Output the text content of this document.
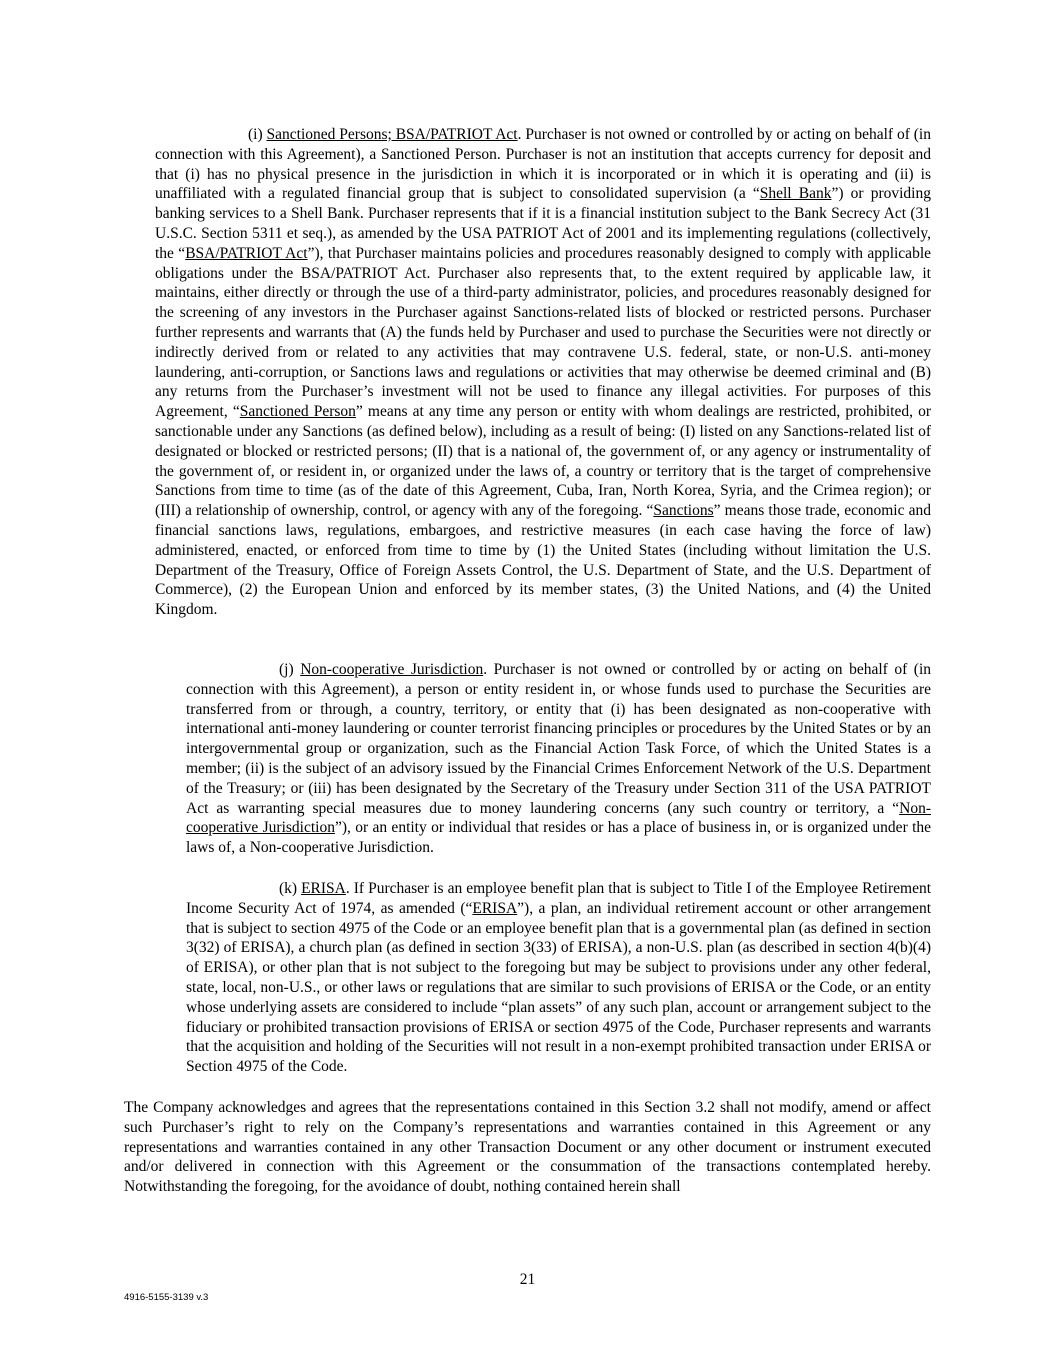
(i) Sanctioned Persons; BSA/PATRIOT Act. Purchaser is not owned or controlled by or acting on behalf of (in connection with this Agreement), a Sanctioned Person. Purchaser is not an institution that accepts currency for deposit and that (i) has no physical presence in the jurisdiction in which it is incorporated or in which it is operating and (ii) is unaffiliated with a regulated financial group that is subject to consolidated supervision (a “Shell Bank”) or providing banking services to a Shell Bank. Purchaser represents that if it is a financial institution subject to the Bank Secrecy Act (31 U.S.C. Section 5311 et seq.), as amended by the USA PATRIOT Act of 2001 and its implementing regulations (collectively, the “BSA/PATRIOT Act”), that Purchaser maintains policies and procedures reasonably designed to comply with applicable obligations under the BSA/PATRIOT Act. Purchaser also represents that, to the extent required by applicable law, it maintains, either directly or through the use of a third-party administrator, policies, and procedures reasonably designed for the screening of any investors in the Purchaser against Sanctions-related lists of blocked or restricted persons. Purchaser further represents and warrants that (A) the funds held by Purchaser and used to purchase the Securities were not directly or indirectly derived from or related to any activities that may contravene U.S. federal, state, or non-U.S. anti-money laundering, anti-corruption, or Sanctions laws and regulations or activities that may otherwise be deemed criminal and (B) any returns from the Purchaser’s investment will not be used to finance any illegal activities. For purposes of this Agreement, “Sanctioned Person” means at any time any person or entity with whom dealings are restricted, prohibited, or sanctionable under any Sanctions (as defined below), including as a result of being: (I) listed on any Sanctions-related list of designated or blocked or restricted persons; (II) that is a national of, the government of, or any agency or instrumentality of the government of, or resident in, or organized under the laws of, a country or territory that is the target of comprehensive Sanctions from time to time (as of the date of this Agreement, Cuba, Iran, North Korea, Syria, and the Crimea region); or (III) a relationship of ownership, control, or agency with any of the foregoing. “Sanctions” means those trade, economic and financial sanctions laws, regulations, embargoes, and restrictive measures (in each case having the force of law) administered, enacted, or enforced from time to time by (1) the United States (including without limitation the U.S. Department of the Treasury, Office of Foreign Assets Control, the U.S. Department of State, and the U.S. Department of Commerce), (2) the European Union and enforced by its member states, (3) the United Nations, and (4) the United Kingdom.

(j) Non-cooperative Jurisdiction. Purchaser is not owned or controlled by or acting on behalf of (in connection with this Agreement), a person or entity resident in, or whose funds used to purchase the Securities are transferred from or through, a country, territory, or entity that (i) has been designated as non-cooperative with international anti-money laundering or counter terrorist financing principles or procedures by the United States or by an intergovernmental group or organization, such as the Financial Action Task Force, of which the United States is a member; (ii) is the subject of an advisory issued by the Financial Crimes Enforcement Network of the U.S. Department of the Treasury; or (iii) has been designated by the Secretary of the Treasury under Section 311 of the USA PATRIOT Act as warranting special measures due to money laundering concerns (any such country or territory, a “Non-cooperative Jurisdiction”), or an entity or individual that resides or has a place of business in, or is organized under the laws of, a Non-cooperative Jurisdiction.

(k) ERISA. If Purchaser is an employee benefit plan that is subject to Title I of the Employee Retirement Income Security Act of 1974, as amended (“ERISA”), a plan, an individual retirement account or other arrangement that is subject to section 4975 of the Code or an employee benefit plan that is a governmental plan (as defined in section 3(32) of ERISA), a church plan (as defined in section 3(33) of ERISA), a non-U.S. plan (as described in section 4(b)(4) of ERISA), or other plan that is not subject to the foregoing but may be subject to provisions under any other federal, state, local, non-U.S., or other laws or regulations that are similar to such provisions of ERISA or the Code, or an entity whose underlying assets are considered to include “plan assets” of any such plan, account or arrangement subject to the fiduciary or prohibited transaction provisions of ERISA or section 4975 of the Code, Purchaser represents and warrants that the acquisition and holding of the Securities will not result in a non-exempt prohibited transaction under ERISA or Section 4975 of the Code.

The Company acknowledges and agrees that the representations contained in this Section 3.2 shall not modify, amend or affect such Purchaser’s right to rely on the Company’s representations and warranties contained in this Agreement or any representations and warranties contained in any other Transaction Document or any other document or instrument executed and/or delivered in connection with this Agreement or the consummation of the transactions contemplated hereby. Notwithstanding the foregoing, for the avoidance of doubt, nothing contained herein shall

21
4916-5155-3139 v.3
